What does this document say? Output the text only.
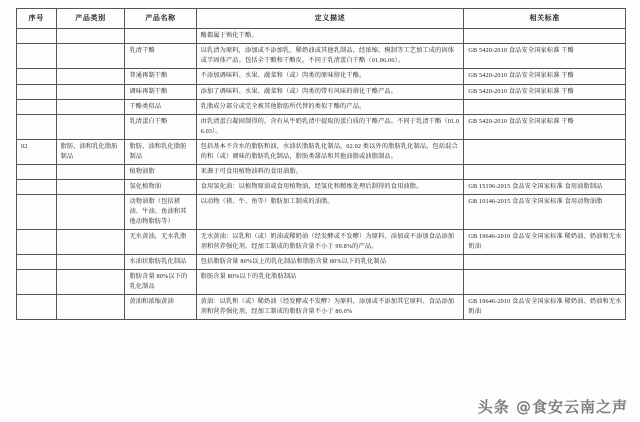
序号	产品类别	产品名称	定义描述	相关标准
			酪都属于熟化干酪。	
		乳清干酪	以乳清为原料，添加或不添加乳、稀奶油或其他乳制品，经浓缩、模制等工艺加工成的固体或半固体产品。包括全干酪和干酪皮。不同于乳清蛋白干酪（01.06.06）。	GB 5420-2010 食品安全国家标准 干酪
		普通再制干酪	不添加调味料、水果、蔬菜和（或）肉类的原味熔化干酪。	GB 5420-2010 食品安全国家标准 干酪
		调味再制干酪	添加了调味料、水果、蔬菜和（或）肉类的带有风味的熔化干酪产品。	GB 5420-2010 食品安全国家标准 干酪
		干酪类似品	乳脂成分部分或完全被其他脂肪所代替的类似干酪的产品。	
		乳清蛋白干酪	由乳清蛋白凝固制得的，含有从牛奶乳清中提取的蛋白质的干酪产品。不同于乳清干酪（01.06.03）。	GB 5420-2010 食品安全国家标准 干酪
02	脂肪、油和乳化脂肪制品	脂肪、油和乳化脂肪制品	包括基本不含水的脂肪和油，水油状脂肪乳化制品，02.02 类以外的脂肪乳化制品，包括混合的和（或）调味的脂肪乳化制品，脂肪类甜品和其他油脂或油脂制品。	
		植物油脂	来源于可食用植物油料的食用油脂。	
		氢化植物油	食用氢化油：以植物原油或食用植物油，经氢化和精炼处理后制得的食用油脂。	GB 15196-2015 食品安全国家标准 食用油脂制品
		动物油脂（包括猪油、牛油、鱼油和其他动物脂肪等）	以动物（猪、牛、鱼等）脂肪加工制成的油脂。	GB 10146-2015 食品安全国家标准 食用动物油脂
		无水黄油，无水乳脂	无水黄油：以乳和（或）奶油或稀奶油（经发酵或不发酵）为原料，添加或不添加食品添加剂和营养强化剂，经加工制成的脂肪含量不小于 99.8%的产品。	GB 19646-2010 食品安全国家标准 稀奶油、奶油和无水奶油
		水油状脂肪乳化制品	包括脂肪含量 80%以上的乳化制品和脂肪含量 80%以下的乳化制品	
		脂肪含量 80%以下的乳化制品	脂肪含量 80%以下的乳化脂肪制品	
		黄油和浓缩黄油	黄油：以乳和（或）稀奶油（经发酵或不发酵）为原料，添加或不添加其它原料、食品添加剂和营养强化剂，经加工制成的脂肪含量不小于 80.0%	GB 19646-2010 食品安全国家标准 稀奶油、奶油和无水奶油
头条 @食安云南之声
